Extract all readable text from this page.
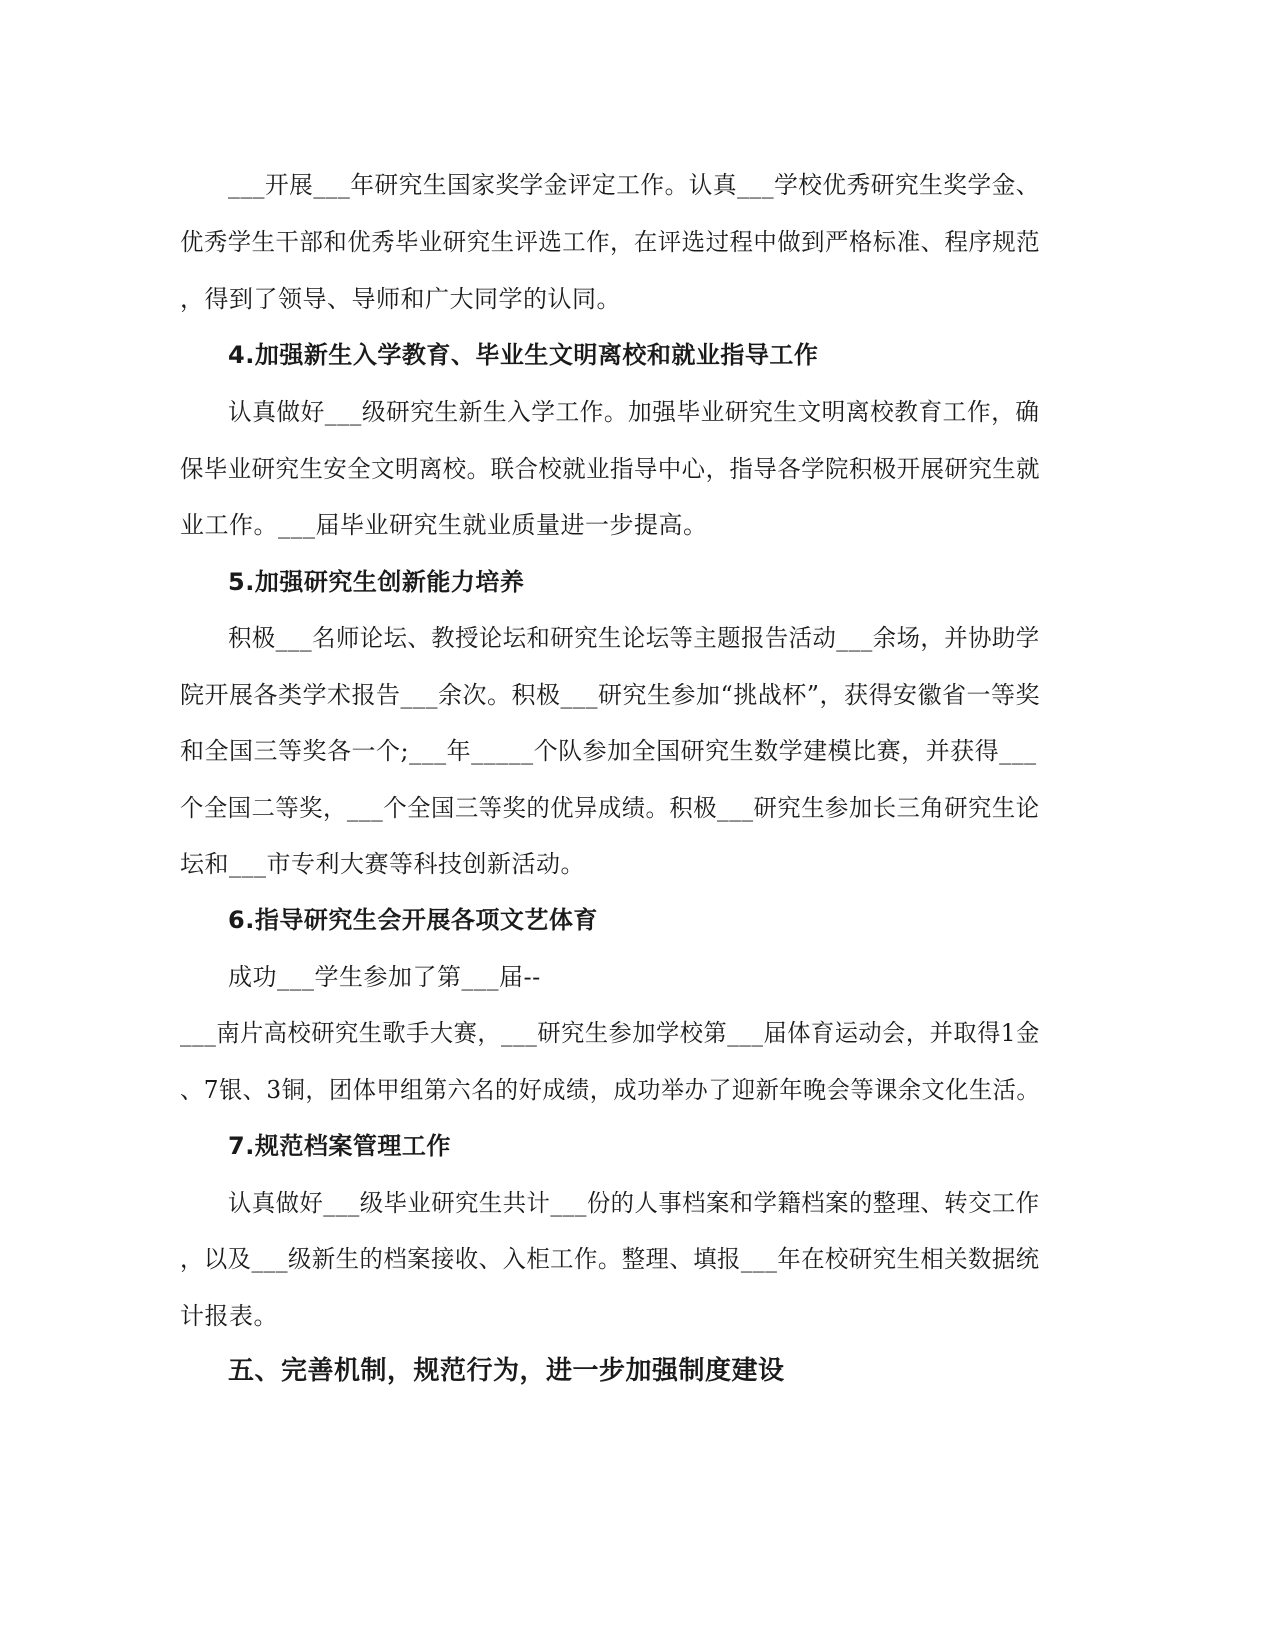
___开展___年研究生国家奖学金评定工作。认真___学校优秀研究生奖学金、
优秀学生干部和优秀毕业研究生评选工作，在评选过程中做到严格标准、程序规范
，得到了领导、导师和广大同学的认同。
4.加强新生入学教育、毕业生文明离校和就业指导工作
认真做好___级研究生新生入学工作。加强毕业研究生文明离校教育工作，确
保毕业研究生安全文明离校。联合校就业指导中心，指导各学院积极开展研究生就
业工作。___届毕业研究生就业质量进一步提高。
5.加强研究生创新能力培养
积极___名师论坛、教授论坛和研究生论坛等主题报告活动___余场，并协助学
院开展各类学术报告___余次。积极___研究生参加“挑战杯”，获得安徽省一等奖
和全国三等奖各一个;___年_____个队参加全国研究生数学建模比赛，并获得___
个全国二等奖，___个全国三等奖的优异成绩。积极___研究生参加长三角研究生论
坛和___市专利大赛等科技创新活动。
6.指导研究生会开展各项文艺体育
成功___学生参加了第___届--
___南片高校研究生歌手大赛，___研究生参加学校第___届体育运动会，并取得1金
、7银、3铜，团体甲组第六名的好成绩，成功举办了迎新年晚会等课余文化生活。
7.规范档案管理工作
认真做好___级毕业研究生共计___份的人事档案和学籍档案的整理、转交工作
，以及___级新生的档案接收、入柜工作。整理、填报___年在校研究生相关数据统
计报表。
五、完善机制，规范行为，进一步加强制度建设
